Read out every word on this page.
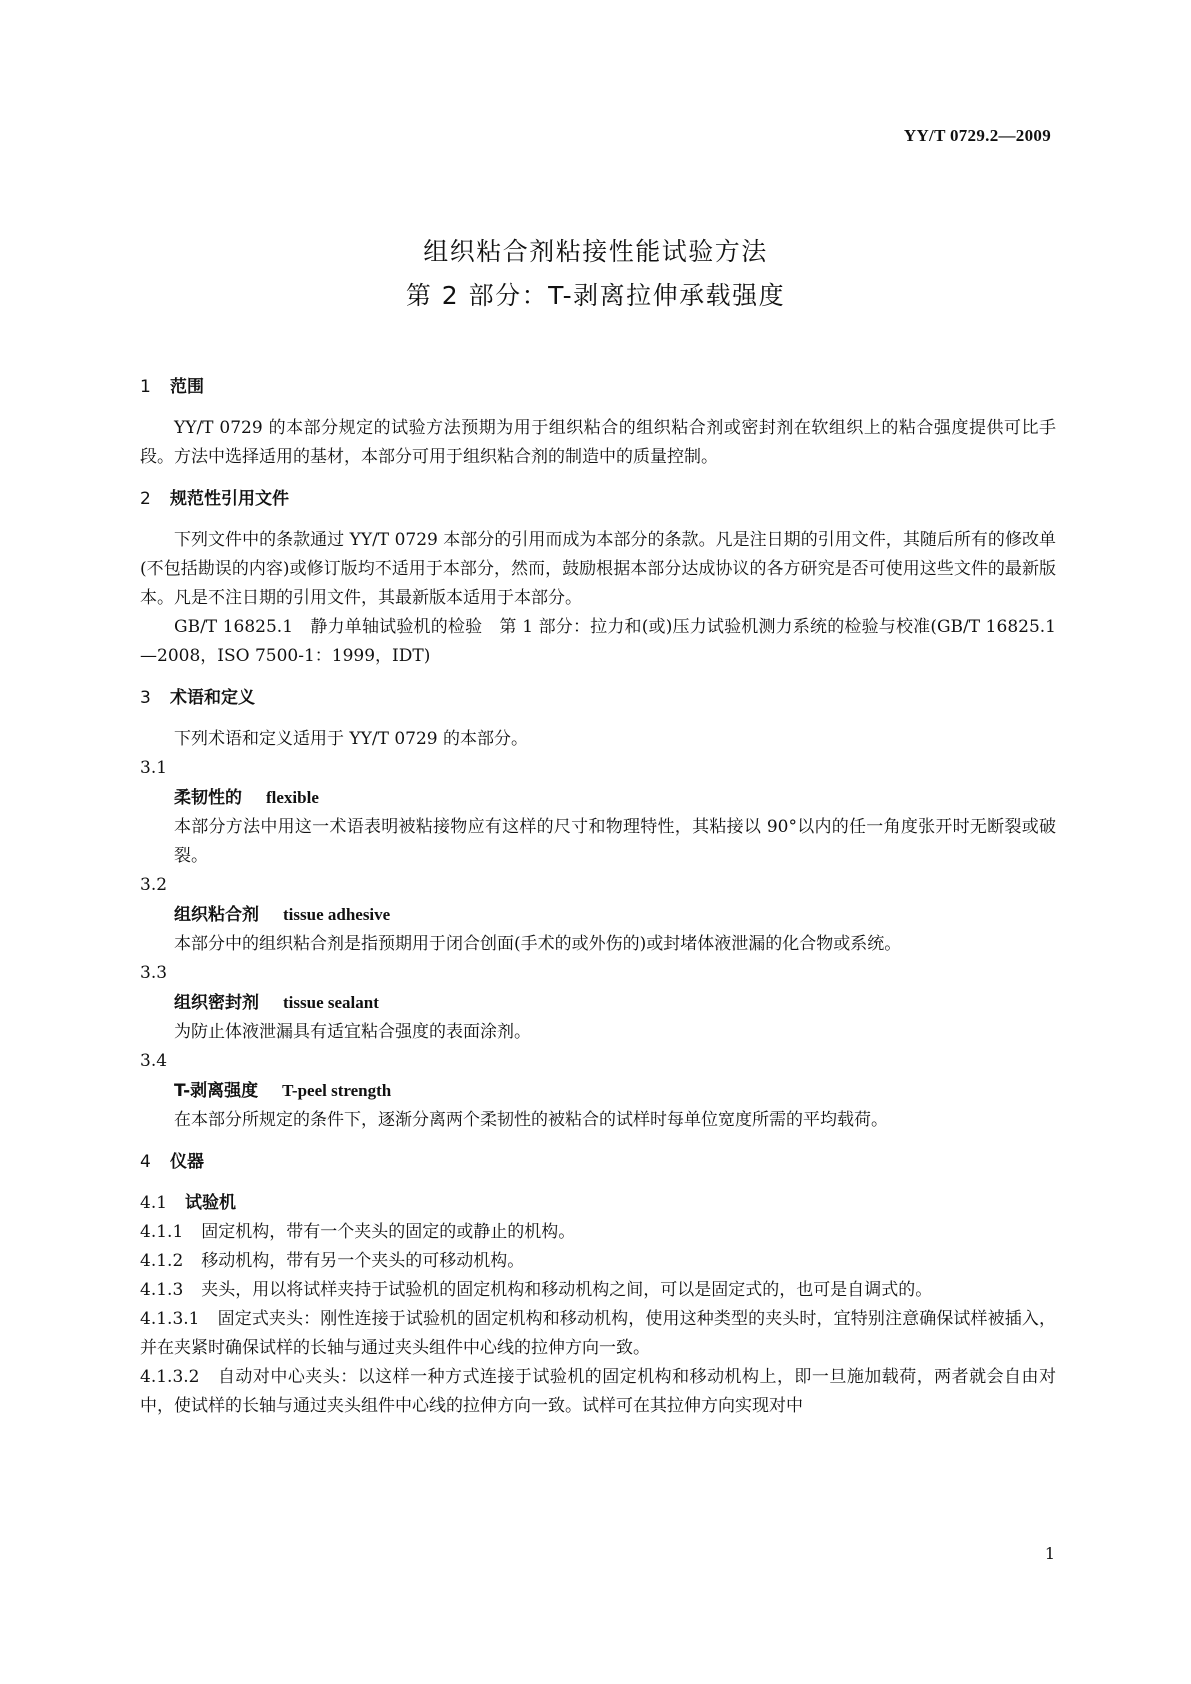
YY/T 0729.2—2009
组织粘合剂粘接性能试验方法
第 2 部分：T-剥离拉伸承载强度
1 范围
YY/T 0729 的本部分规定的试验方法预期为用于组织粘合的组织粘合剂或密封剂在软组织上的粘合强度提供可比手段。方法中选择适用的基材，本部分可用于组织粘合剂的制造中的质量控制。
2 规范性引用文件
下列文件中的条款通过 YY/T 0729 本部分的引用而成为本部分的条款。凡是注日期的引用文件，其随后所有的修改单(不包括勘误的内容)或修订版均不适用于本部分，然而，鼓励根据本部分达成协议的各方研究是否可使用这些文件的最新版本。凡是不注日期的引用文件，其最新版本适用于本部分。
GB/T 16825.1　静力单轴试验机的检验　第 1 部分：拉力和(或)压力试验机测力系统的检验与校准(GB/T 16825.1—2008，ISO 7500-1：1999，IDT)
3 术语和定义
下列术语和定义适用于 YY/T 0729 的本部分。
3.1
柔韧性的 flexible
本部分方法中用这一术语表明被粘接物应有这样的尺寸和物理特性，其粘接以 90°以内的任一角度张开时无断裂或破裂。
3.2
组织粘合剂 tissue adhesive
本部分中的组织粘合剂是指预期用于闭合创面(手术的或外伤的)或封堵体液泄漏的化合物或系统。
3.3
组织密封剂 tissue sealant
为防止体液泄漏具有适宜粘合强度的表面涂剂。
3.4
T-剥离强度 T-peel strength
在本部分所规定的条件下，逐渐分离两个柔韧性的被粘合的试样时每单位宽度所需的平均载荷。
4 仪器
4.1 试验机
4.1.1 固定机构，带有一个夹头的固定的或静止的机构。
4.1.2 移动机构，带有另一个夹头的可移动机构。
4.1.3 夹头，用以将试样夹持于试验机的固定机构和移动机构之间，可以是固定式的，也可是自调式的。
4.1.3.1 固定式夹头：刚性连接于试验机的固定机构和移动机构，使用这种类型的夹头时，宜特别注意确保试样被插入，并在夹紧时确保试样的长轴与通过夹头组件中心线的拉伸方向一致。
4.1.3.2 自动对中心夹头：以这样一种方式连接于试验机的固定机构和移动机构上，即一旦施加载荷，两者就会自由对中，使试样的长轴与通过夹头组件中心线的拉伸方向一致。试样可在其拉伸方向实现对中
1
